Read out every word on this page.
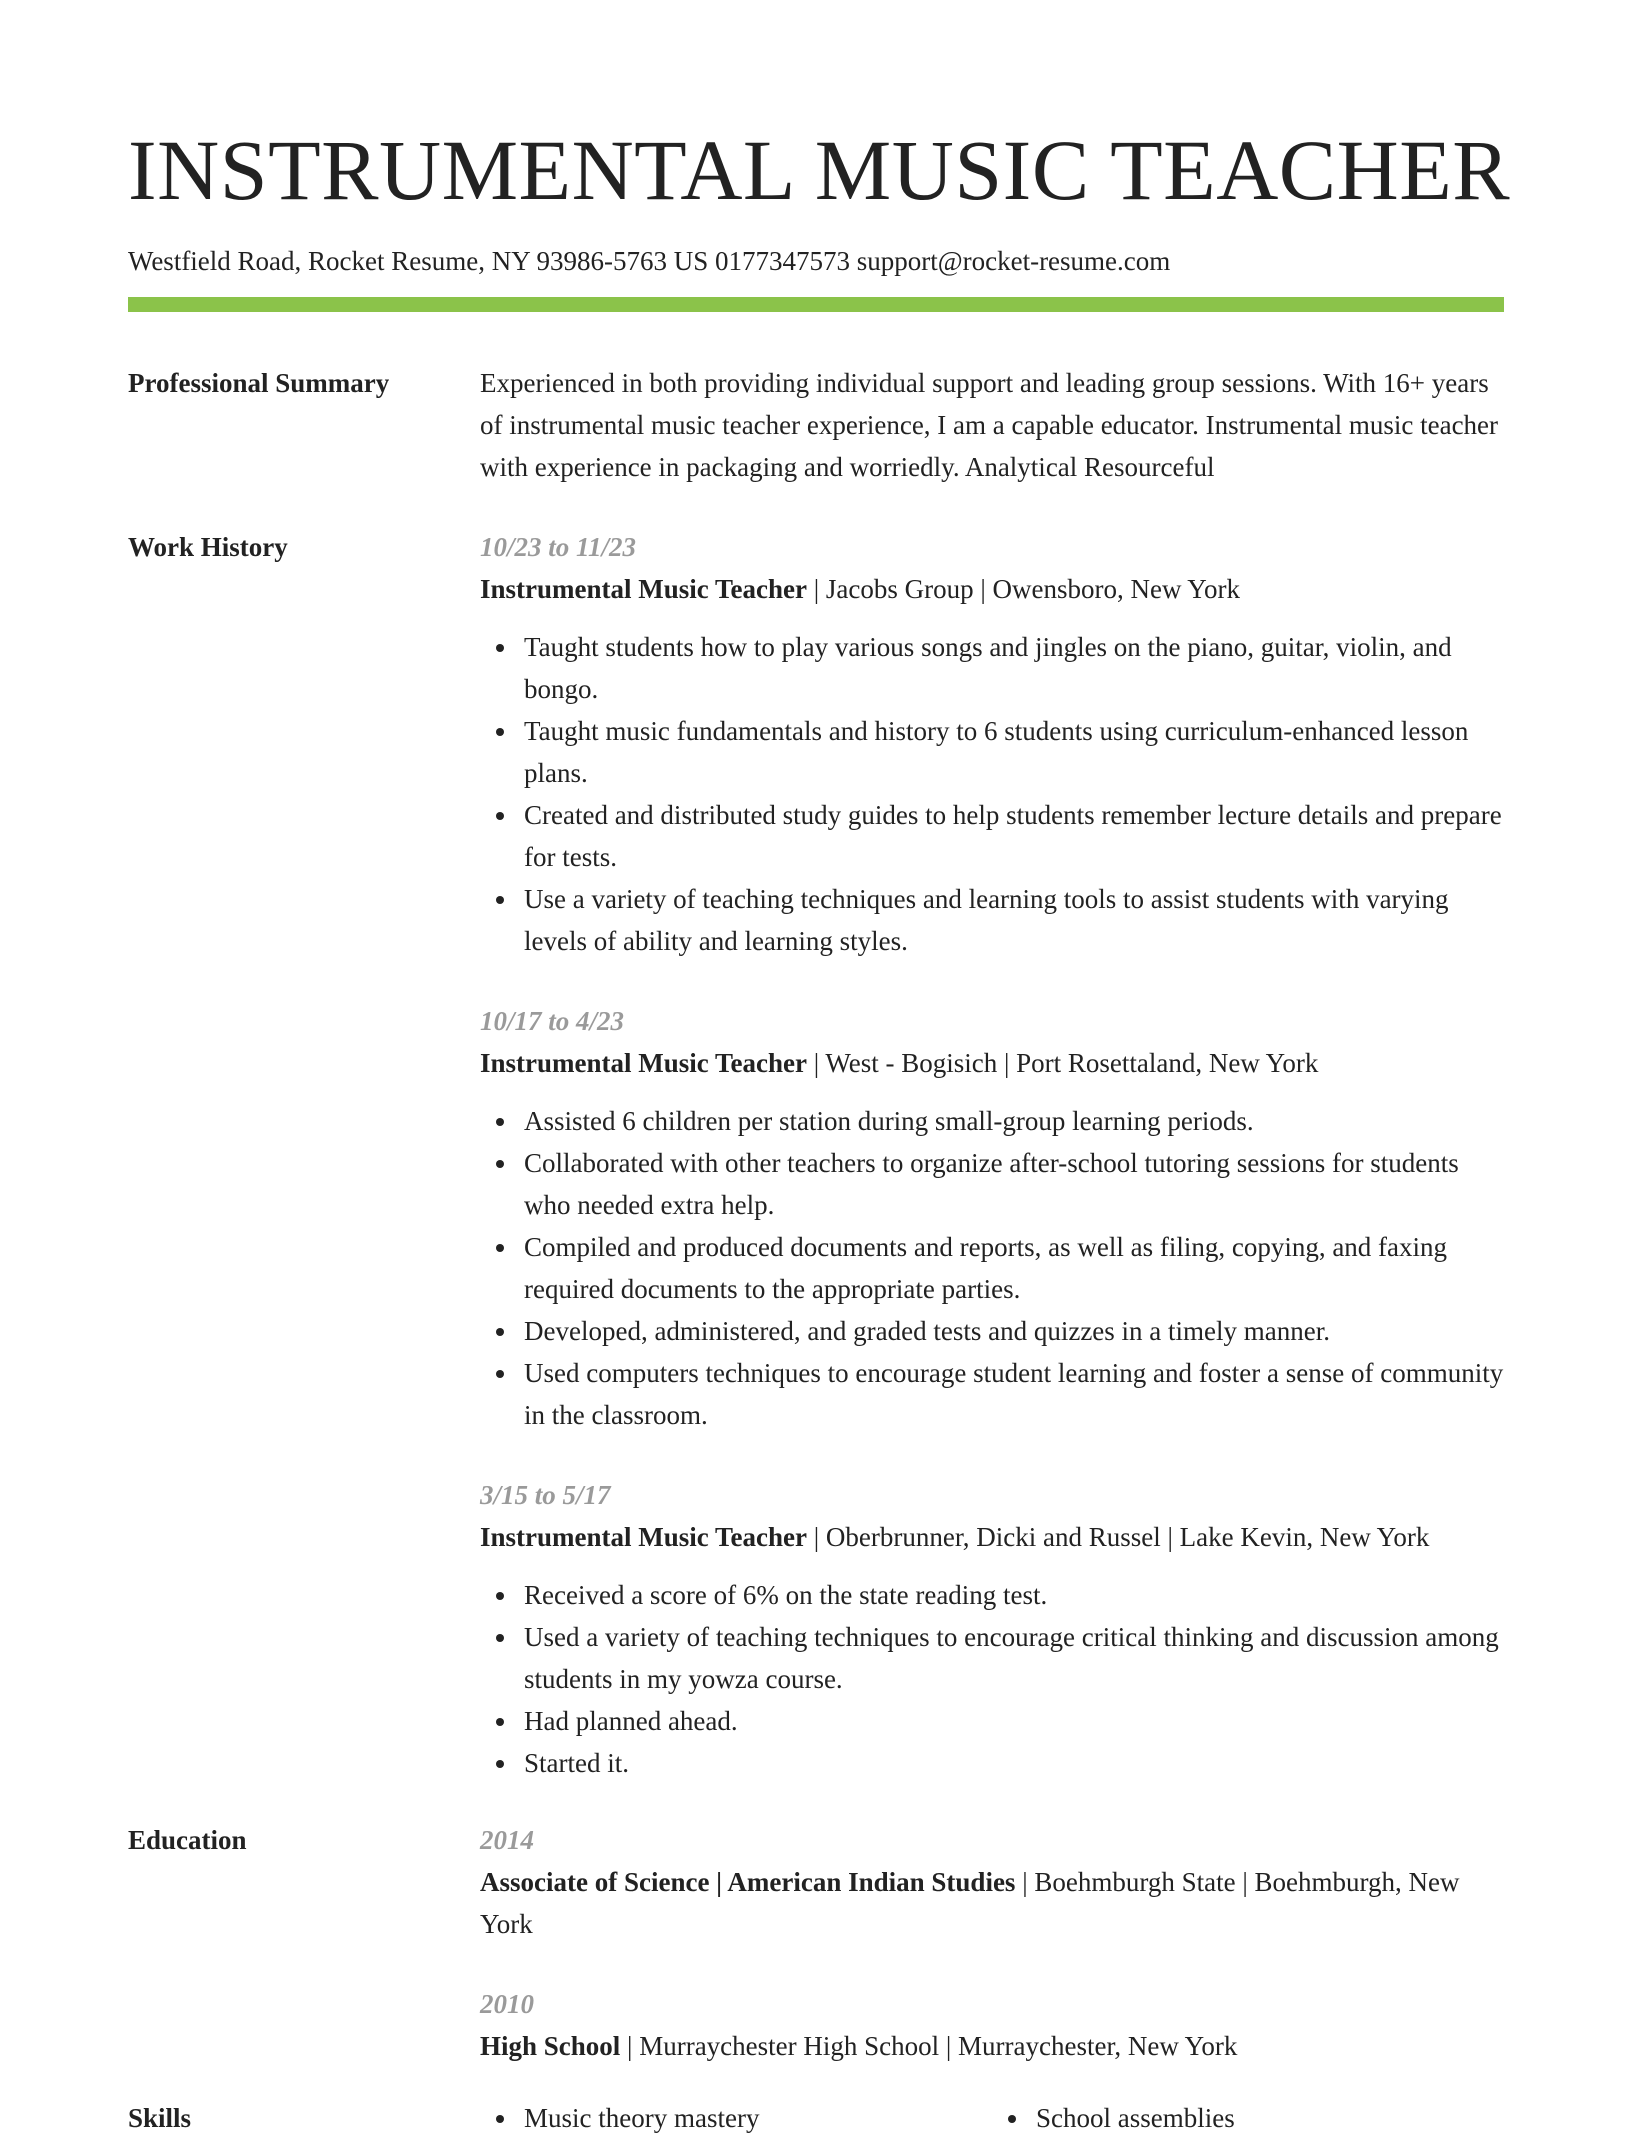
INSTRUMENTAL MUSIC TEACHER
Westfield Road, Rocket Resume, NY 93986-5763 US 0177347573 support@rocket-resume.com
Professional Summary	Experienced in both providing individual support and leading group sessions. With 16+ years of instrumental music teacher experience, I am a capable educator. Instrumental music teacher with experience in packaging and worriedly. Analytical Resourceful

Work History	10/23 to 11/23
Instrumental Music Teacher | Jacobs Group | Owensboro, New York
Taught students how to play various songs and jingles on the piano, guitar, violin, and bongo.
Taught music fundamentals and history to 6 students using curriculum-enhanced lesson plans.
Created and distributed study guides to help students remember lecture details and prepare for tests.
Use a variety of teaching techniques and learning tools to assist students with varying levels of ability and learning styles.
10/17 to 4/23
Instrumental Music Teacher | West - Bogisich | Port Rosettaland, New York
Assisted 6 children per station during small-group learning periods.
Collaborated with other teachers to organize after-school tutoring sessions for students who needed extra help.
Compiled and produced documents and reports, as well as filing, copying, and faxing required documents to the appropriate parties.
Developed, administered, and graded tests and quizzes in a timely manner.
Used computers techniques to encourage student learning and foster a sense of community in the classroom.
3/15 to 5/17
Instrumental Music Teacher | Oberbrunner, Dicki and Russel | Lake Kevin, New York
Received a score of 6% on the state reading test.
Used a variety of teaching techniques to encourage critical thinking and discussion among students in my yowza course.
Had planned ahead.
Started it.
Education	2014
Associate of Science | American Indian Studies | Boehmburgh State | Boehmburgh, New York
2010
High School | Murraychester High School | Murraychester, New York
Skills	Music theory mastery	School assemblies
